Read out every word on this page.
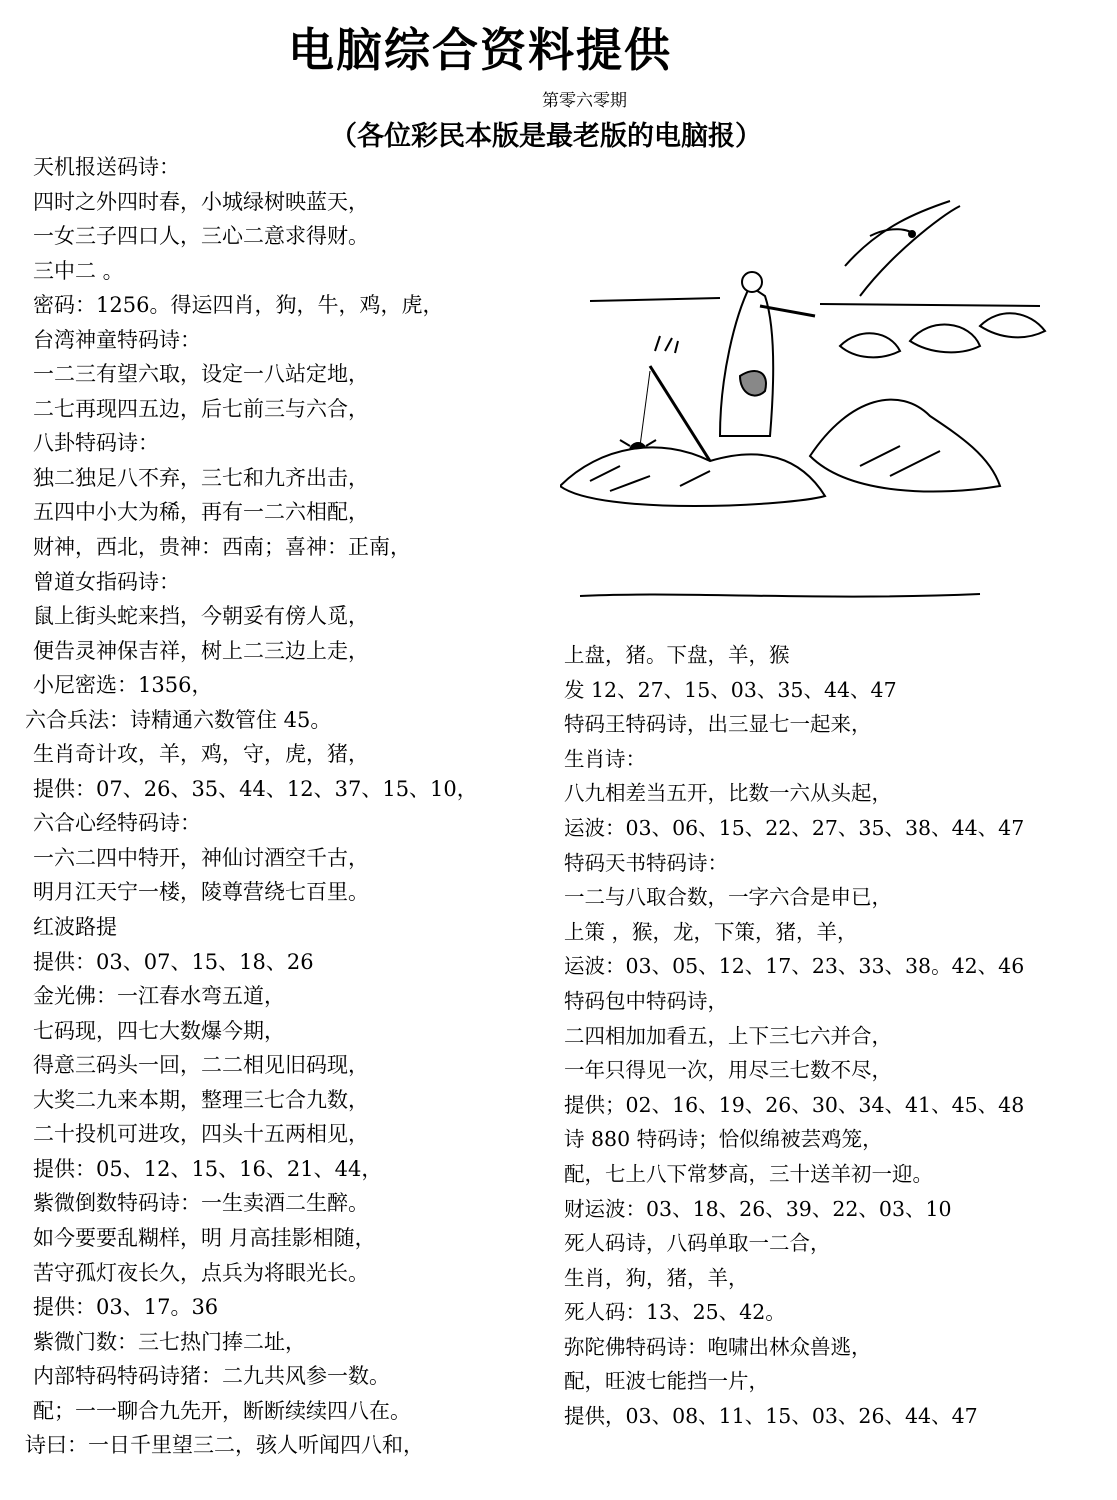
电脑综合资料提供
第零六零期
（各位彩民本版是最老版的电脑报）
天机报送码诗：
四时之外四时春，小城绿树映蓝天，
一女三子四口人，三心二意求得财。
三中二 。
密码：1256。得运四肖，狗，牛，鸡，虎，
台湾神童特码诗：
一二三有望六取，设定一八站定地，
二七再现四五边，后七前三与六合，
八卦特码诗：
独二独足八不弃，三七和九齐出击，
五四中小大为稀，再有一二六相配，
财神，西北，贵神：西南；喜神：正南，
曾道女指码诗：
鼠上街头蛇来挡，今朝妥有傍人觅，
便告灵神保吉祥，树上二三边上走，
小尼密选：1356，
六合兵法：诗精通六数管住 45。
生肖奇计攻，羊，鸡，守，虎，猪，
提供：07、26、35、44、12、37、15、10，
六合心经特码诗：
一六二四中特开，神仙讨酒空千古，
明月江天宁一楼，陵尊营绕七百里。
红波路提
提供：03、07、15、18、26
金光佛：一江春水弯五道，
七码现，四七大数爆今期，
得意三码头一回，二二相见旧码现，
大奖二九来本期，整理三七合九数，
二十投机可进攻，四头十五两相见，
提供：05、12、15、16、21、44，
紫微倒数特码诗：一生卖酒二生醉。
如今要要乱糊样，明 月高挂影相随，
苦守孤灯夜长久，点兵为将眼光长。
提供：03、17。36
紫微门数：三七热门捧二址，
内部特码特码诗猪：二九共风参一数。
配；一一聊合九先开，断断续续四八在。
诗曰：一日千里望三二，骇人听闻四八和，
上盘，猪。下盘，羊，猴
发 12、27、15、03、35、44、47
特码王特码诗，出三显七一起来，
生肖诗：
八九相差当五开，比数一六从头起，
运波：03、06、15、22、27、35、38、44、47
特码天书特码诗：
一二与八取合数，一字六合是申已，
上策 ，猴，龙，下策，猪，羊，
运波：03、05、12、17、23、33、38。42、46
特码包中特码诗，
二四相加加看五，上下三七六并合，
一年只得见一次，用尽三七数不尽，
提供；02、16、19、26、30、34、41、45、48
诗 880 特码诗；恰似绵被芸鸡笼，
配，七上八下常梦高，三十送羊初一迎。
财运波：03、18、26、39、22、03、10
死人码诗，八码单取一二合，
生肖，狗，猪，羊，
死人码：13、25、42。
弥陀佛特码诗：咆啸出林众兽逃，
配，旺波七能挡一片，
提供，03、08、11、15、03、26、44、47
